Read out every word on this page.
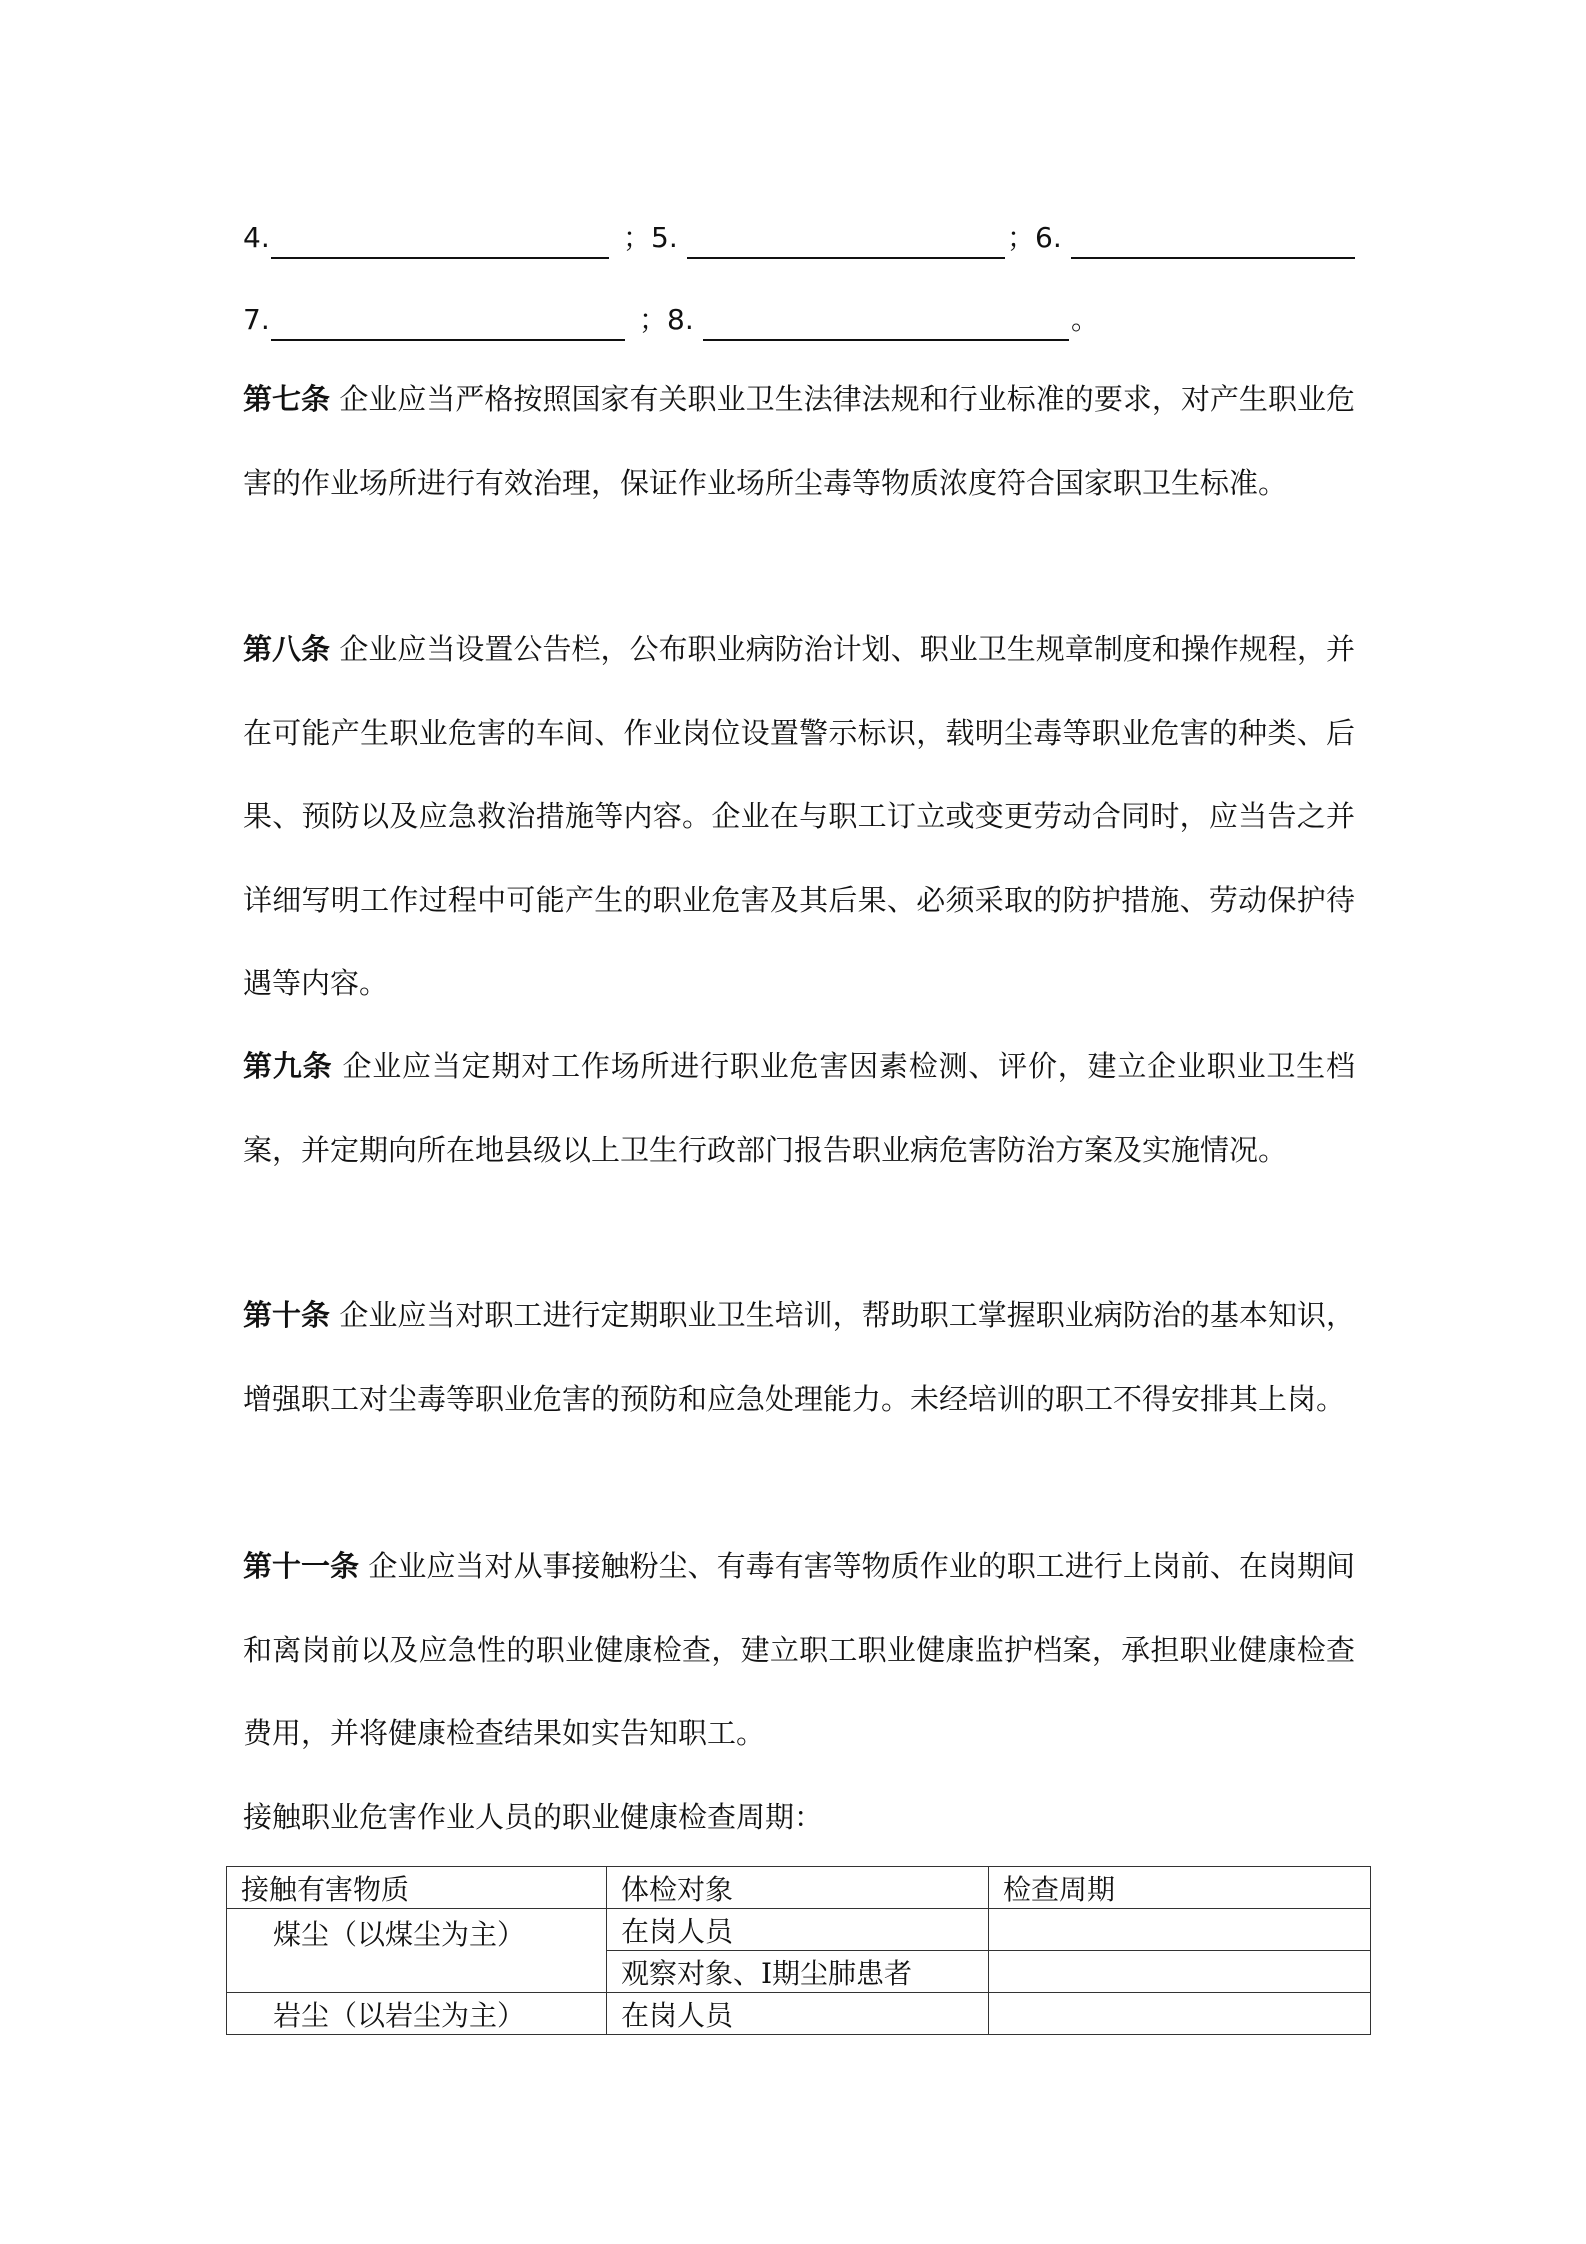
4.	；5.	；6.
7.	；8.	。

第七条 企业应当严格按照国家有关职业卫生法律法规和行业标准的要求，对产生职业危害的作业场所进行有效治理，保证作业场所尘毒等物质浓度符合国家职卫生标准。

第八条 企业应当设置公告栏，公布职业病防治计划、职业卫生规章制度和操作规程，并在可能产生职业危害的车间、作业岗位设置警示标识，载明尘毒等职业危害的种类、后果、预防以及应急救治措施等内容。企业在与职工订立或变更劳动合同时，应当告之并详细写明工作过程中可能产生的职业危害及其后果、必须采取的防护措施、劳动保护待遇等内容。

第九条 企业应当定期对工作场所进行职业危害因素检测、评价，建立企业职业卫生档案，并定期向所在地县级以上卫生行政部门报告职业病危害防治方案及实施情况。

第十条 企业应当对职工进行定期职业卫生培训，帮助职工掌握职业病防治的基本知识，增强职工对尘毒等职业危害的预防和应急处理能力。未经培训的职工不得安排其上岗。

第十一条 企业应当对从事接触粉尘、有毒有害等物质作业的职工进行上岗前、在岗期间和离岗前以及应急性的职业健康检查，建立职工职业健康监护档案，承担职业健康检查费用，并将健康检查结果如实告知职工。

接触职业危害作业人员的职业健康检查周期：
接触有害物质	体检对象	检查周期
煤尘（以煤尘为主）	在岗人员	
	观察对象、Ⅰ期尘肺患者	
岩尘（以岩尘为主）	在岗人员	
